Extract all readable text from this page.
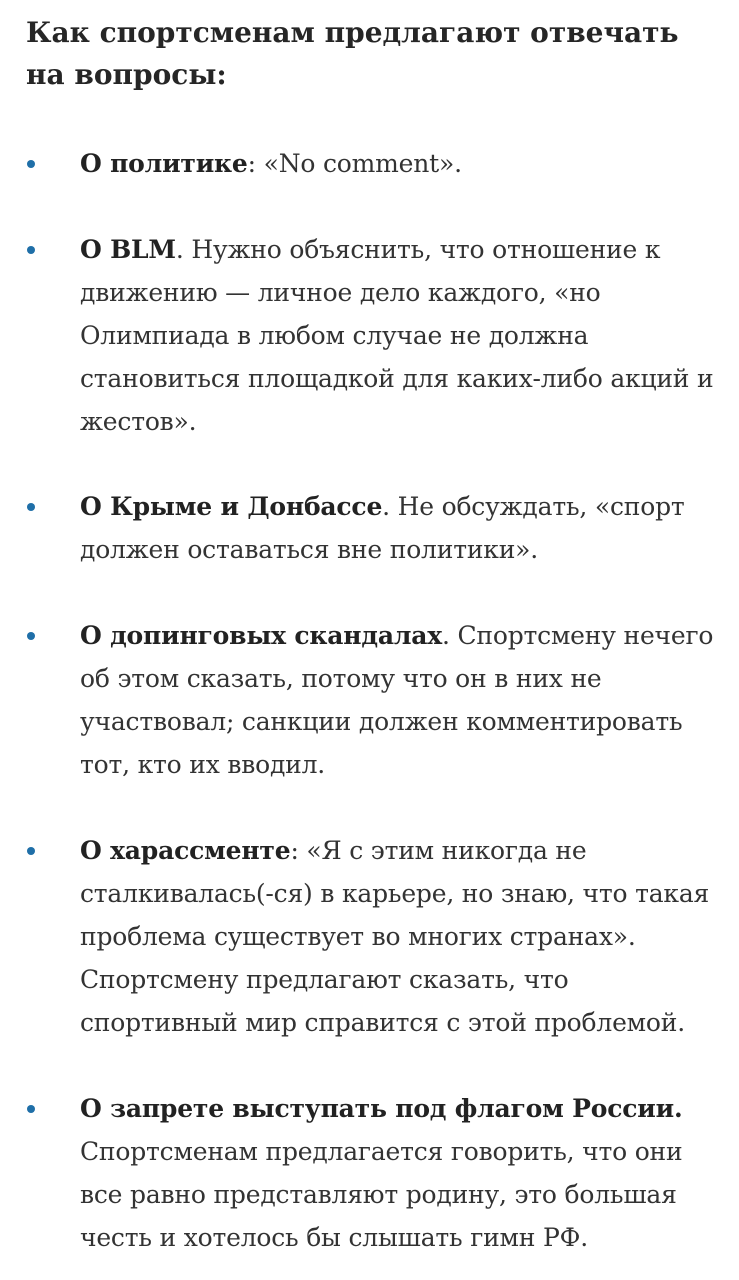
Как спортсменам предлагают отвечать на вопросы:

О политике: «No comment».

О BLM. Нужно объяснить, что отношение к движению — личное дело каждого, «но Олимпиада в любом случае не должна становиться площадкой для каких-либо акций и жестов».

О Крыме и Донбассе. Не обсуждать, «спорт должен оставаться вне политики».

О допинговых скандалах. Спортсмену нечего об этом сказать, потому что он в них не участвовал; санкции должен комментировать тот, кто их вводил.

О харассменте: «Я с этим никогда не сталкивалась(-ся) в карьере, но знаю, что такая проблема существует во многих странах». Спортсмену предлагают сказать, что спортивный мир справится с этой проблемой.

О запрете выступать под флагом России. Спортсменам предлагается говорить, что они все равно представляют родину, это большая честь и хотелось бы слышать гимн РФ.
